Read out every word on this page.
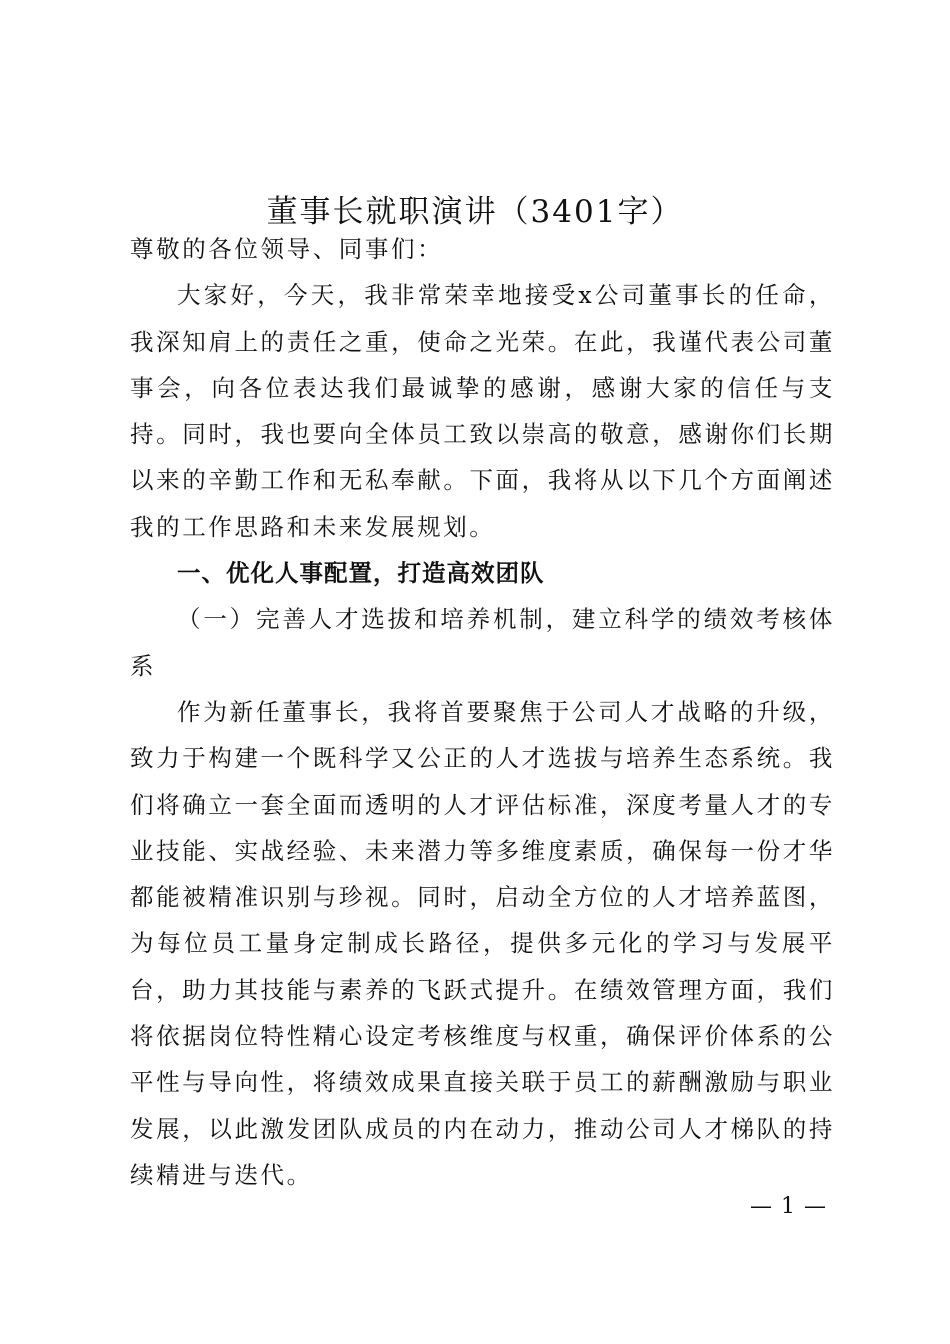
董事长就职演讲（3401字）

尊敬的各位领导、同事们：

大家好，今天，我非常荣幸地接受x公司董事长的任命，我深知肩上的责任之重，使命之光荣。在此，我谨代表公司董事会，向各位表达我们最诚挚的感谢，感谢大家的信任与支持。同时，我也要向全体员工致以崇高的敬意，感谢你们长期以来的辛勤工作和无私奉献。下面，我将从以下几个方面阐述我的工作思路和未来发展规划。

一、优化人事配置，打造高效团队

（一）完善人才选拔和培养机制，建立科学的绩效考核体系

作为新任董事长，我将首要聚焦于公司人才战略的升级，致力于构建一个既科学又公正的人才选拔与培养生态系统。我们将确立一套全面而透明的人才评估标准，深度考量人才的专业技能、实战经验、未来潜力等多维度素质，确保每一份才华都能被精准识别与珍视。同时，启动全方位的人才培养蓝图，为每位员工量身定制成长路径，提供多元化的学习与发展平台，助力其技能与素养的飞跃式提升。在绩效管理方面，我们将依据岗位特性精心设定考核维度与权重，确保评价体系的公平性与导向性，将绩效成果直接关联于员工的薪酬激励与职业发展，以此激发团队成员的内在动力，推动公司人才梯队的持续精进与迭代。

— 1 —
